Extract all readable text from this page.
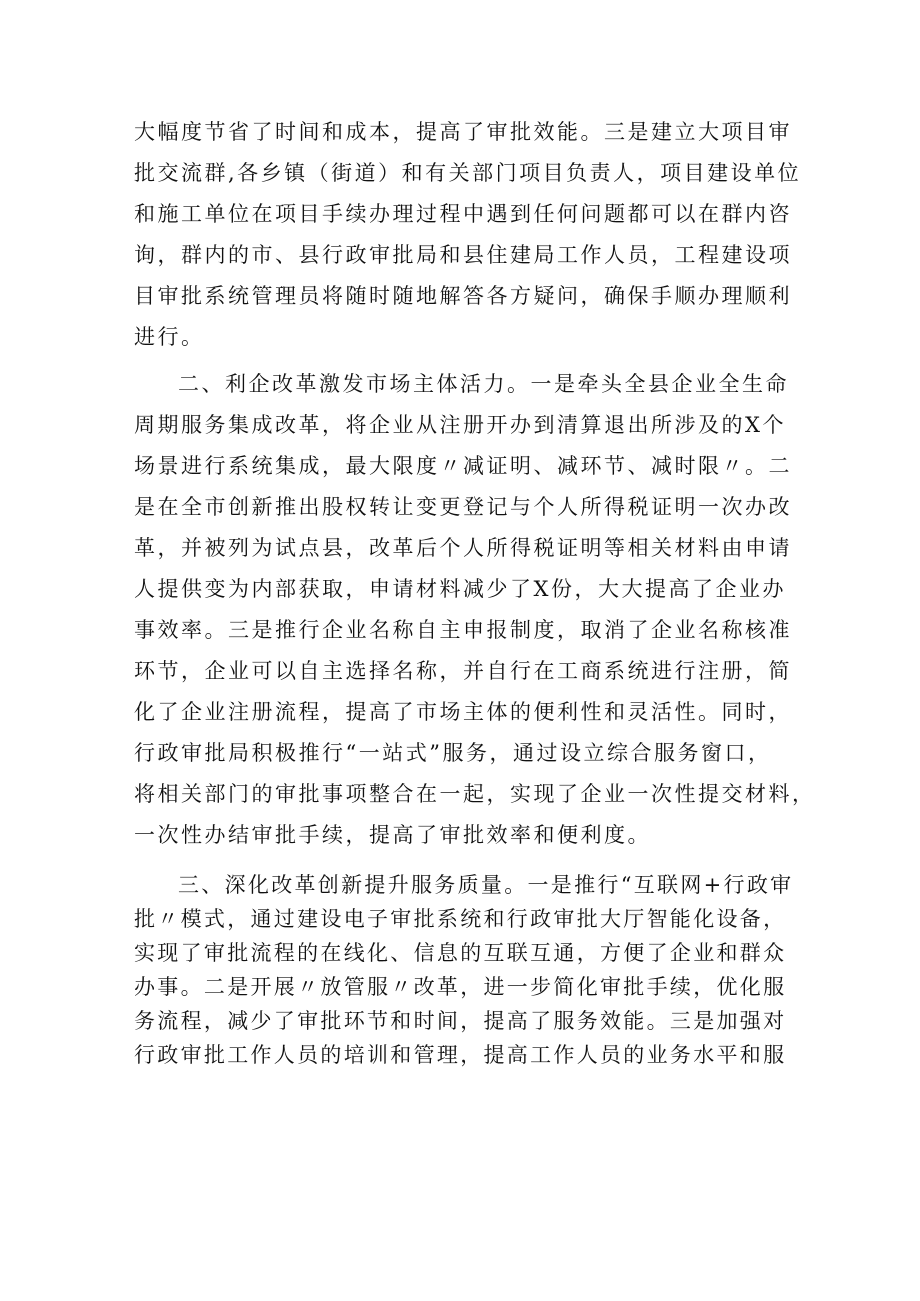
大幅度节省了时间和成本，提高了审批效能。三是建立大项目审
批交流群,各乡镇（街道）和有关部门项目负责人，项目建设单位
和施工单位在项目手续办理过程中遇到任何问题都可以在群内咨
询，群内的市、县行政审批局和县住建局工作人员，工程建设项
目审批系统管理员将随时随地解答各方疑问，确保手顺办理顺利
进行。
二、利企改革激发市场主体活力。一是牵头全县企业全生命
周期服务集成改革，将企业从注册开办到清算退出所涉及的X个
场景进行系统集成，最大限度〃减证明、减环节、减时限〃。二
是在全市创新推出股权转让变更登记与个人所得税证明一次办改
革，并被列为试点县，改革后个人所得税证明等相关材料由申请
人提供变为内部获取，申请材料减少了X份，大大提高了企业办
事效率。三是推行企业名称自主申报制度，取消了企业名称核准
环节，企业可以自主选择名称，并自行在工商系统进行注册，简
化了企业注册流程，提高了市场主体的便利性和灵活性。同时，
行政审批局积极推行“一站式”服务，通过设立综合服务窗口，
将相关部门的审批事项整合在一起，实现了企业一次性提交材料，
一次性办结审批手续，提高了审批效率和便利度。
三、深化改革创新提升服务质量。一是推行“互联网+行政审
批〃模式，通过建设电子审批系统和行政审批大厅智能化设备，
实现了审批流程的在线化、信息的互联互通，方便了企业和群众
办事。二是开展〃放管服〃改革，进一步简化审批手续，优化服
务流程，减少了审批环节和时间，提高了服务效能。三是加强对
行政审批工作人员的培训和管理，提高工作人员的业务水平和服
